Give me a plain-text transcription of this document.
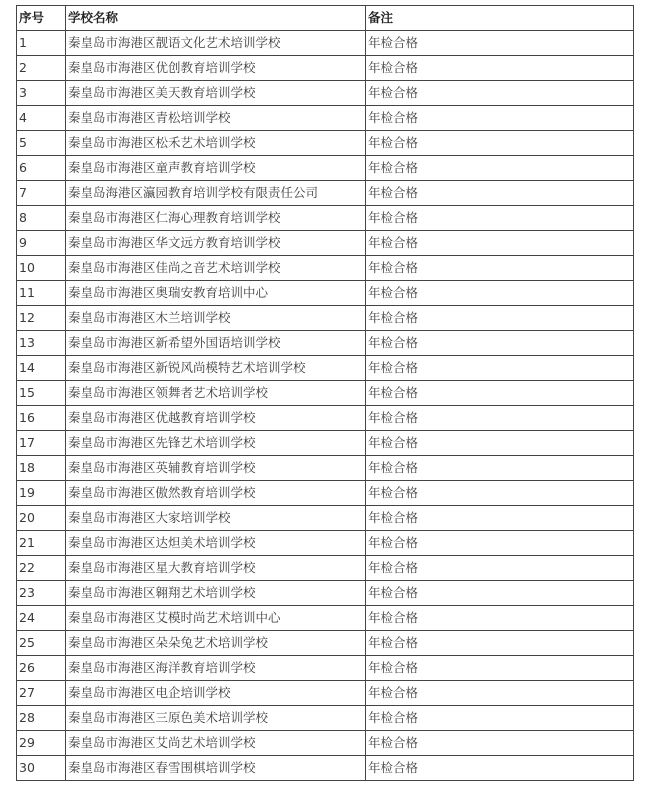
序号	学校名称	备注
1	秦皇岛市海港区靓语文化艺术培训学校	年检合格
2	秦皇岛市海港区优创教育培训学校	年检合格
3	秦皇岛市海港区美天教育培训学校	年检合格
4	秦皇岛市海港区青松培训学校	年检合格
5	秦皇岛市海港区松禾艺术培训学校	年检合格
6	秦皇岛市海港区童声教育培训学校	年检合格
7	秦皇岛海港区瀛园教育培训学校有限责任公司	年检合格
8	秦皇岛市海港区仁海心理教育培训学校	年检合格
9	秦皇岛市海港区华文远方教育培训学校	年检合格
10	秦皇岛市海港区佳尚之音艺术培训学校	年检合格
11	秦皇岛市海港区奥瑞安教育培训中心	年检合格
12	秦皇岛市海港区木兰培训学校	年检合格
13	秦皇岛市海港区新希望外国语培训学校	年检合格
14	秦皇岛市海港区新锐风尚模特艺术培训学校	年检合格
15	秦皇岛市海港区领舞者艺术培训学校	年检合格
16	秦皇岛市海港区优越教育培训学校	年检合格
17	秦皇岛市海港区先锋艺术培训学校	年检合格
18	秦皇岛市海港区英辅教育培训学校	年检合格
19	秦皇岛市海港区傲然教育培训学校	年检合格
20	秦皇岛市海港区大家培训学校	年检合格
21	秦皇岛市海港区达炟美术培训学校	年检合格
22	秦皇岛市海港区星大教育培训学校	年检合格
23	秦皇岛市海港区翱翔艺术培训学校	年检合格
24	秦皇岛市海港区艾模时尚艺术培训中心	年检合格
25	秦皇岛市海港区朵朵兔艺术培训学校	年检合格
26	秦皇岛市海港区海洋教育培训学校	年检合格
27	秦皇岛市海港区电企培训学校	年检合格
28	秦皇岛市海港区三原色美术培训学校	年检合格
29	秦皇岛市海港区艾尚艺术培训学校	年检合格
30	秦皇岛市海港区春雪围棋培训学校	年检合格
